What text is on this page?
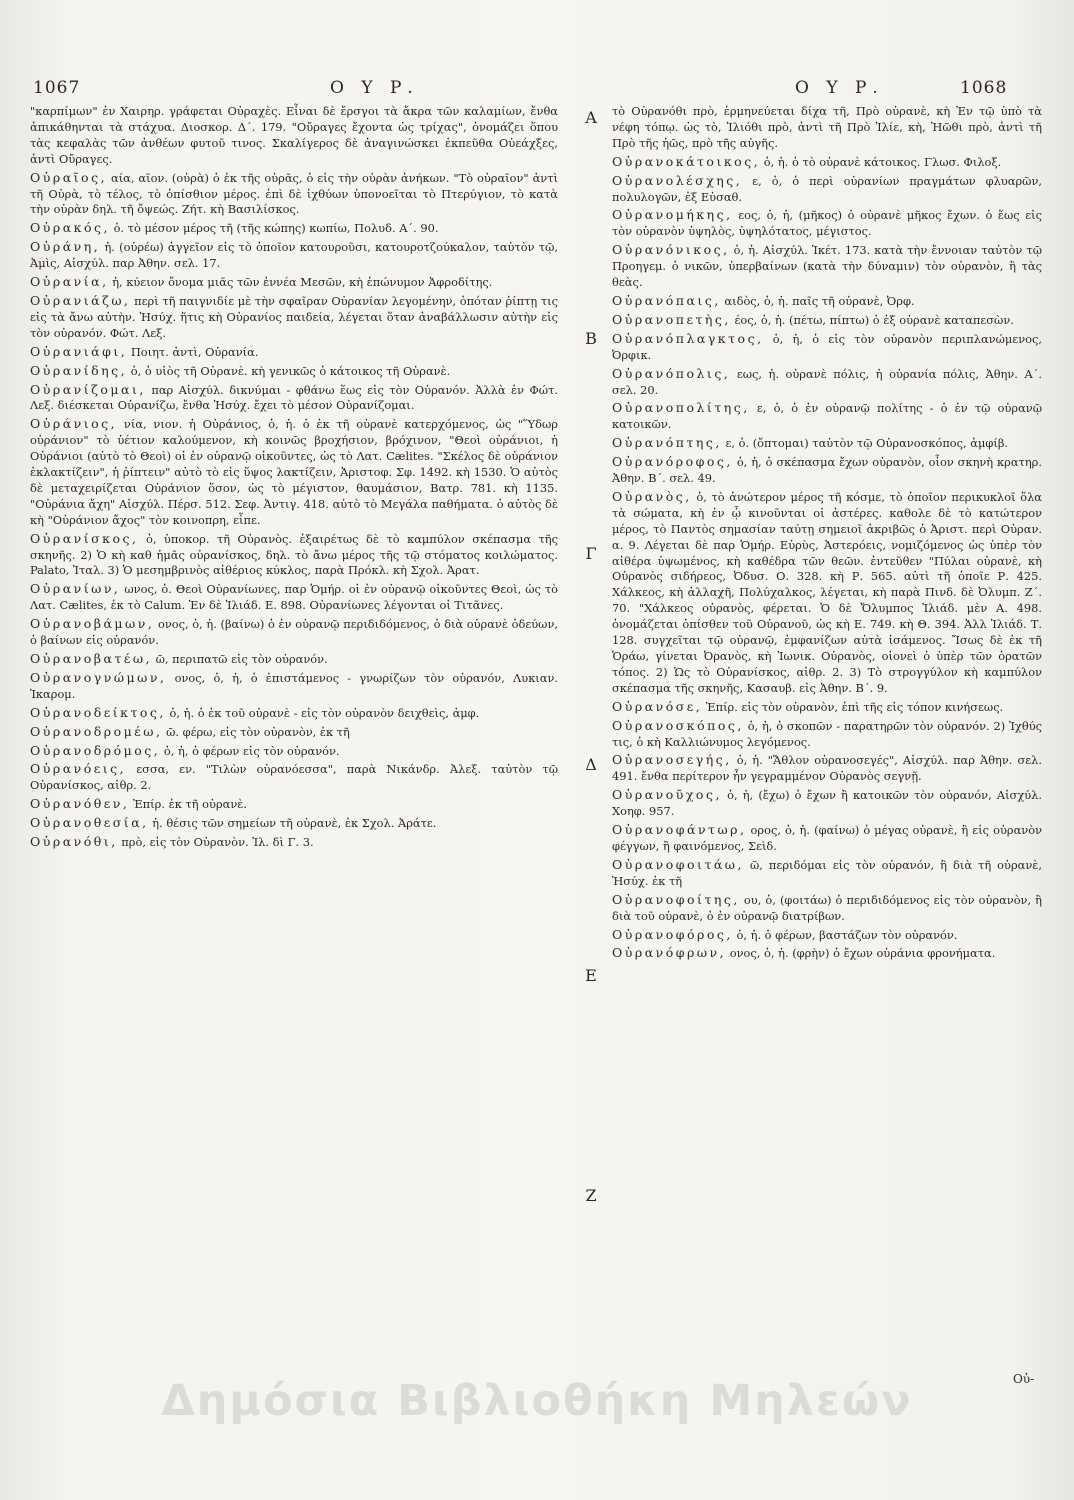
1067	Ο Υ Ρ.	Ο Υ Ρ.	1068

"καρπίμων" ἐν Χαιρηρ. γράφεται Οὐραχὲς. Εἶναι δὲ ἔρσγοι τὰ ἄκρα τῶν καλαμίων, ἔνθα ἀπικάθηνται τὰ στάχυα. Διοσκορ. Δ΄. 179. "Οὔραγες ἔχοντα ὡς τρίχας", ὀνομάζει ὅπου τὰς κεφαλὰς τῶν ἀνθέων φυτοῦ τινος. Σκαλίγερος δὲ ἀναγινώσκει ἐκπεῦθα Οὐεάχξες, ἀντὶ Οὔραγες.

Οὐραῖος, αία, αῖον. (οὐρὰ) ὁ ἐκ τῆς οὐρᾶς, ὁ εἰς τὴν οὐρὰν ἀνήκων. "Τὸ οὐραῖον" ἀντὶ τῆ Οὐρὰ, τὸ τέλος, τὸ ὀπίσθιον μέρος. ἐπὶ δὲ ἰχθύων ὑπονοεῖται τὸ Πτερύγιον, τὸ κατὰ τὴν οὐρὰν δηλ. τῆ ὄψεώς. Ζήτ. κὴ Βασιλίσκος.

Οὐρακός, ὁ. τὸ μέσον μέρος τῆ (τῆς κώπης) κωπίω, Πολυδ. Α΄. 90.

Οὐράνη, ἡ. (οὐρέω) ἀγγεῖον εἰς τὸ ὁποῖον κατουροῦσι, κατουροτζούκαλον, ταὐτὸν τῷ, Ἀμὶς, Αἰσχύλ. παρ Ἀθην. σελ. 17.

Οὐρανία, ἡ, κύειον ὄνομα μιᾶς τῶν ἐννέα Μεσῶν, κὴ ἐπώνυμον Ἀφροδίτης.

Οὐρανιάζω, περὶ τῆ παιγνιδίε μὲ τὴν σφαῖραν Οὐρανίαν λεγομένην, ὁπόταν ῥίπτῃ τις εἰς τὰ ἄνω αὐτὴν. Ἡσύχ. ἥτις κὴ Οὐρανίος παιδεία, λέγεται ὅταν ἀναβάλλωσιν αὐτὴν εἰς τὸν οὐρανόν. Φώτ. Λεξ.

Οὐρανιάφι, Ποιητ. ἀντὶ, Οὐρανία.

Οὐρανίδης, ὁ, ὁ υἱὸς τῆ Οὐρανὲ. κὴ γενικῶς ὁ κάτοικος τῆ Οὐρανὲ.

Οὐρανίζομαι, παρ Αἰσχύλ. δικνύμαι - φθάνω ἕως εἰς τὸν Οὐρανόν. Ἀλλὰ ἐν Φώτ. Λεξ. διέσκεται Οὐρανίζω, ἔνθα Ἡσύχ. ἔχει τὸ μέσον Οὐρανίζομαι.

Οὐράνιος, νία, νιον. ἡ Οὐράνιος, ὁ, ἡ. ὁ ἐκ τῆ οὐρανὲ κατερχόμενος, ὡς "Ὕδωρ οὐράνιον" τὸ ὑέτιον καλούμενον, κὴ κοινῶς βροχήσιον, βρόχινον, "Θεοὶ οὐράνιοι, ἡ Οὐράνιοι (αὐτὸ τὸ Θεοὶ) οἱ ἐν οὐρανῷ οἰκοῦντες, ὡς τὸ Λατ. Cælites. "Σκέλος δὲ οὐράνιον ἐκλακτίζειν", ἡ ῥίπτειν" αὐτὸ τὸ εἰς ὕψος λακτίζειν, Ἀριστοφ. Σφ. 1492. κὴ 1530. Ὁ αὐτὸς δὲ μεταχειρίζεται Οὐράνιον ὅσον, ὡς τὸ μέγιστον, θαυμάσιον, Βατρ. 781. κὴ 1135. "Οὐράνια ἄχη" Αἰσχύλ. Πέρσ. 512. Σεφ. Ἀντιγ. 418. αὐτὸ τὸ Μεγάλα παθήματα. ὁ αὐτὸς δὲ κὴ "Οὐράνιον ἄχος" τὸν κοινοπρη, εἶπε.

Οὐρανίσκος, ὁ, ὑποκορ. τῆ Οὐρανὸς. ἐξαιρέτως δὲ τὸ καμπύλον σκέπασμα τῆς σκηνῆς. 2) Ὁ κὴ καθ ἡμᾶς οὐρανίσκος, δηλ. τὸ ἄνω μέρος τῆς τῷ στόματος κοιλώματος. Palato, Ἰταλ. 3) Ὁ μεσημβρινὸς αἰθέριος κύκλος, παρὰ Πρόκλ. κὴ Σχολ. Ἀρατ.

Οὐρανίων, ωνος, ὁ. Θεοὶ Οὐρανίωνες, παρ Ὁμήρ. οἱ ἐν οὐρανῷ οἰκοῦντες Θεοὶ, ὡς τὸ Λατ. Cælites, ἐκ τὸ Calum. Ἐν δὲ Ἰλιάδ. Ε. 898. Οὐρανίωνες λέγονται οἱ Τιτᾶνες.

Οὐρανοβάμων, ονος, ὁ, ἡ. (βαίνω) ὁ ἐν οὐρανῷ περιδιδόμενος, ὁ διὰ οὐρανὲ ὁδεύων, ὁ βαίνων εἰς οὐρανόν.

Οὐρανοβατέω, ῶ, περιπατῶ εἰς τὸν οὐρανόν.

Οὐρανογνώμων, ονος, ὁ, ἡ, ὁ ἐπιστάμενος - γνωρίζων τὸν οὐρανόν, Λυκιαν. Ἰκαρομ.

Οὐρανοδείκτος, ὁ, ἡ. ὁ ἐκ τοῦ οὐρανὲ - εἰς τὸν οὐρανὸν δειχθεὶς, ἀμφ.

Οὐρανοδρομέω, ῶ. φέρω, εἰς τὸν οὐρανὸν, ἐκ τῆ

Οὐρανοδρόμος, ὁ, ἡ, ὁ φέρων εἰς τὸν οὐρανόν.

Οὐρανόεις, εσσα, εν. "Τιλὼν οὐρανόεσσα", παρὰ Νικάνδρ. Ἀλεξ. ταὐτὸν τῷ Οὐρανίσκος, αἰθρ. 2.

Οὐρανόθεν, Ἐπίρ. ἐκ τῆ οὐρανὲ.

Οὐρανοθεσία, ἡ. θέσις τῶν σημείων τῆ οὐρανὲ, ἐκ Σχολ. Ἀράτε.

Οὐρανόθι, πρὸ, εἰς τὸν Οὐρανὸν. Ἰλ. δὶ Γ. 3.

τὸ Οὐρανόθι πρὸ, ἑρμηνεύεται δίχα τῆ, Πρὸ οὐρανὲ, κὴ Ἐν τῷ ὑπὸ τὰ νέφη τόπῳ. ὡς τὸ, Ἰλιόθι πρὸ, ἀντὶ τῆ Πρὸ Ἰλίε, κὴ, Ἠῶθι πρὸ, ἀντὶ τῆ Πρὸ τῆς ἠῶς, πρὸ τῆς αὐγῆς.

Οὐρανοκάτοικος, ὁ, ἡ. ὁ τὸ οὐρανὲ κάτοικος. Γλωσ. Φιλοξ.

Οὐρανολέσχης, ε, ὁ, ὁ περὶ οὐρανίων πραγμάτων φλυαρῶν, πολυλογῶν, ἐξ Εὐσαθ.

Οὐρανομήκης, εος, ὁ, ἡ, (μῆκος) ὁ οὐρανὲ μῆκος ἔχων. ὁ ἕως εἰς τὸν οὐρανὸν ὑψηλὸς, ὑψηλότατος, μέγιστος.

Οὐρανόνικος, ὁ, ἡ. Αἰσχύλ. Ἱκέτ. 173. κατὰ τὴν ἔννοιαν ταὐτὸν τῷ Προηγεμ. ὁ νικῶν, ὑπερβαίνων (κατὰ τὴν δύναμιν) τὸν οὐρανὸν, ἢ τὰς θεὰς.

Οὐρανόπαις, αιδὸς, ὁ, ἡ. παῖς τῆ οὐρανὲ, Ὀρφ.

Οὐρανοπετὴς, έος, ὁ, ἡ. (πέτω, πίπτω) ὁ ἐξ οὐρανὲ καταπεσὼν.

Οὐρανόπλαγκτος, ὁ, ἡ, ὁ εἰς τὸν οὐρανὸν περιπλανώμενος, Ὀρφικ.

Οὐρανόπολις, εως, ἡ. οὐρανὲ πόλις, ἡ οὐρανία πόλις, Ἀθην. Α΄. σελ. 20.

Οὐρανοπολίτης, ε, ὁ, ὁ ἐν οὐρανῷ πολίτης - ὁ ἐν τῷ οὐρανῷ κατοικῶν.

Οὐρανόπτης, ε, ὁ. (ὄπτομαι) ταὐτὸν τῷ Οὐρανοσκόπος, ἀμφίβ.

Οὐρανόροφος, ὁ, ἡ, ὁ σκέπασμα ἔχων οὐρανὸν, οἷον σκηνὴ κρατηρ. Ἀθην. Β΄. σελ. 49.

Οὐρανὸς, ὁ, τὸ ἀνώτερον μέρος τῆ κόσμε, τὸ ὁποῖον περικυκλοῖ ὅλα τὰ σώματα, κὴ ἐν ᾧ κινοῦνται οἱ ἀστέρες. καθολε δὲ τὸ κατώτερον μέρος, τὸ Παντὸς σημασίαν ταύτῃ σημειοῖ ἀκριβῶς ὁ Ἀριστ. περὶ Οὐραν. α. 9. Λέγεται δὲ παρ Ὁμήρ. Εὐρὺς, Ἀστερόεις, νομιζόμενος ὡς ὑπὲρ τὸν αἰθέρα ὑψωμένος, κὴ καθέδρα τῶν θεῶν. ἐντεῦθεν "Πύλαι οὐρανὲ, κὴ Οὐρανὸς σιδήρεος, Ὀδυσ. Ο. 328. κὴ Ρ. 565. αὐτὶ τῆ ὁποῖε Ρ. 425. Χάλκεος, κὴ ἀλλαχῆ, Πολύχαλκος, λέγεται, κὴ παρὰ Πινδ. δὲ Ὀλυμπ. Ζ΄. 70. "Χάλκεος οὐρανὸς, φέρεται. Ὁ δὲ Ὄλυμπος Ἰλιάδ. μὲν Α. 498. ὀνομάζεται ὀπίσθεν τοῦ Οὐρανοῦ, ὡς κὴ Ε. 749. κὴ Θ. 394. Ἀλλ Ἰλιάδ. Τ. 128. συγχεῖται τῷ οὐρανῷ, ἐμφανίζων αὐτὰ ἰσάμενος. Ἴσως δὲ ἐκ τῆ Ὁράω, γίνεται Ὀρανὸς, κὴ Ἰωνικ. Οὐρανὸς, οἱονεὶ ὁ ὑπὲρ τῶν ὁρατῶν τόπος. 2) Ὡς τὸ Οὐρανίσκος, αἰθρ. 2. 3) Τὸ στρογγύλον κὴ καμπύλον σκέπασμα τῆς σκηνῆς, Κασαυβ. εἰς Ἀθην. Β΄. 9.

Οὐρανόσε, Ἐπίρ. εἰς τὸν οὐρανὸν, ἐπὶ τῆς εἰς τόπον κινήσεως.

Οὐρανοσκόπος, ὁ, ἡ, ὁ σκοπῶν - παρατηρῶν τὸν οὐρανόν. 2) Ἰχθύς τις, ὁ κὴ Καλλιώνυμος λεγόμενος.

Οὐρανοσεγής, ὁ, ἡ. "Ἄθλον οὐρανοσεγές", Αἰσχύλ. παρ Ἀθην. σελ. 491. ἔνθα περίτερον ἦν γεγραμμένον Οὐρανὸς σεγνῇ.

Οὐρανοῦχος, ὁ, ἡ, (ἔχω) ὁ ἔχων ἢ κατοικῶν τὸν οὐρανόν, Αἰσχύλ. Χοηφ. 957.

Οὐρανοφάντωρ, ορος, ὁ, ἡ. (φαίνω) ὁ μέγας οὐρανὲ, ἢ εἰς οὐρανὸν φέγγων, ἢ φαινόμενος, Σεὶδ.

Οὐρανοφοιτάω, ῶ, περιδόμαι εἰς τὸν οὐρανόν, ἢ διὰ τῆ οὐρανὲ, Ἡσύχ. ἐκ τῆ

Οὐρανοφοίτης, ου, ὁ, (φοιτάω) ὁ περιδιδόμενος εἰς τὸν οὐρανὸν, ἢ διὰ τοῦ οὐρανὲ, ὁ ἐν οὐρανῷ διατρίβων.

Οὐρανοφόρος, ὁ, ἡ. ὁ φέρων, βαστάζων τὸν οὐρανόν.

Οὐρανόφρων, ονος, ὁ, ἡ. (φρὴν) ὁ ἔχων οὐράνια φρονήματα.

Α
Β
Γ
Δ
Ε
Ζ
Οὐ-
Δημόσια Βιβλιοθήκη Μηλεών
